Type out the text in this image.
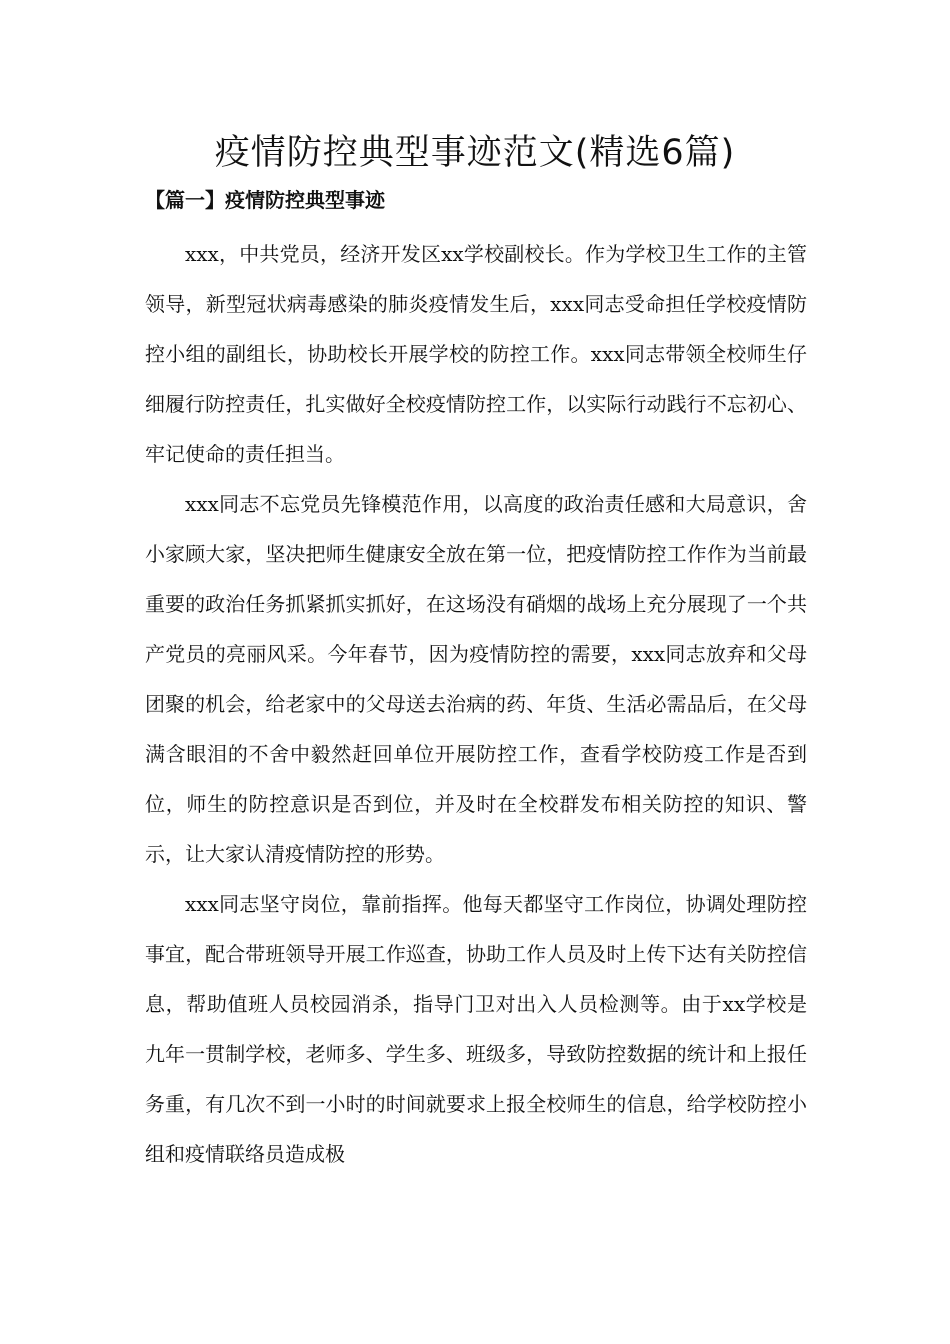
疫情防控典型事迹范文(精选6篇)
【篇一】疫情防控典型事迹

xxx，中共党员，经济开发区xx学校副校长。作为学校卫生工作的主管领导，新型冠状病毒感染的肺炎疫情发生后，xxx同志受命担任学校疫情防控小组的副组长，协助校长开展学校的防控工作。xxx同志带领全校师生仔细履行防控责任，扎实做好全校疫情防控工作，以实际行动践行不忘初心、牢记使命的责任担当。

xxx同志不忘党员先锋模范作用，以高度的政治责任感和大局意识，舍小家顾大家，坚决把师生健康安全放在第一位，把疫情防控工作作为当前最重要的政治任务抓紧抓实抓好，在这场没有硝烟的战场上充分展现了一个共产党员的亮丽风采。今年春节，因为疫情防控的需要，xxx同志放弃和父母团聚的机会，给老家中的父母送去治病的药、年货、生活必需品后，在父母满含眼泪的不舍中毅然赶回单位开展防控工作，查看学校防疫工作是否到位，师生的防控意识是否到位，并及时在全校群发布相关防控的知识、警示，让大家认清疫情防控的形势。

xxx同志坚守岗位，靠前指挥。他每天都坚守工作岗位，协调处理防控事宜，配合带班领导开展工作巡查，协助工作人员及时上传下达有关防控信息，帮助值班人员校园消杀，指导门卫对出入人员检测等。由于xx学校是九年一贯制学校，老师多、学生多、班级多，导致防控数据的统计和上报任务重，有几次不到一小时的时间就要求上报全校师生的信息，给学校防控小组和疫情联络员造成极
